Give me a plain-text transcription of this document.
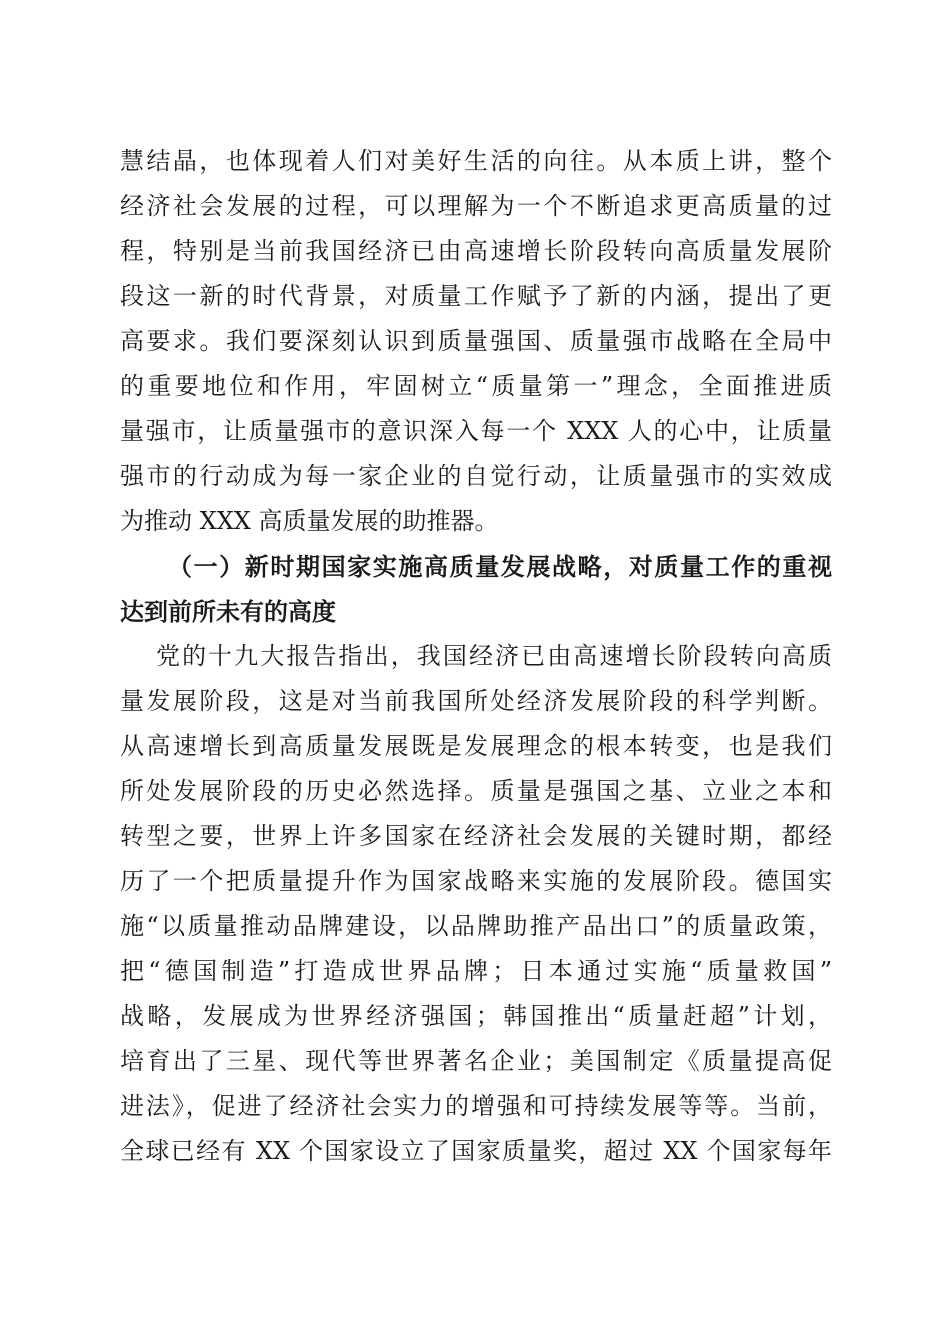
慧结晶，也体现着人们对美好生活的向往。从本质上讲，整个
经济社会发展的过程，可以理解为一个不断追求更高质量的过
程，特别是当前我国经济已由高速增长阶段转向高质量发展阶
段这一新的时代背景，对质量工作赋予了新的内涵，提出了更
高要求。我们要深刻认识到质量强国、质量强市战略在全局中
的重要地位和作用，牢固树立“质量第一”理念，全面推进质
量强市，让质量强市的意识深入每一个 XXX 人的心中，让质量
强市的行动成为每一家企业的自觉行动，让质量强市的实效成
为推动 XXX 高质量发展的助推器。
（一）新时期国家实施高质量发展战略，对质量工作的重视
达到前所未有的高度
党的十九大报告指出，我国经济已由高速增长阶段转向高质
量发展阶段，这是对当前我国所处经济发展阶段的科学判断。
从高速增长到高质量发展既是发展理念的根本转变，也是我们
所处发展阶段的历史必然选择。质量是强国之基、立业之本和
转型之要，世界上许多国家在经济社会发展的关键时期，都经
历了一个把质量提升作为国家战略来实施的发展阶段。德国实
施“以质量推动品牌建设，以品牌助推产品出口”的质量政策，
把“德国制造”打造成世界品牌；日本通过实施“质量救国”
战略，发展成为世界经济强国；韩国推出“质量赶超”计划，
培育出了三星、现代等世界著名企业；美国制定《质量提高促
进法》，促进了经济社会实力的增强和可持续发展等等。当前，
全球已经有 XX 个国家设立了国家质量奖，超过 XX 个国家每年
